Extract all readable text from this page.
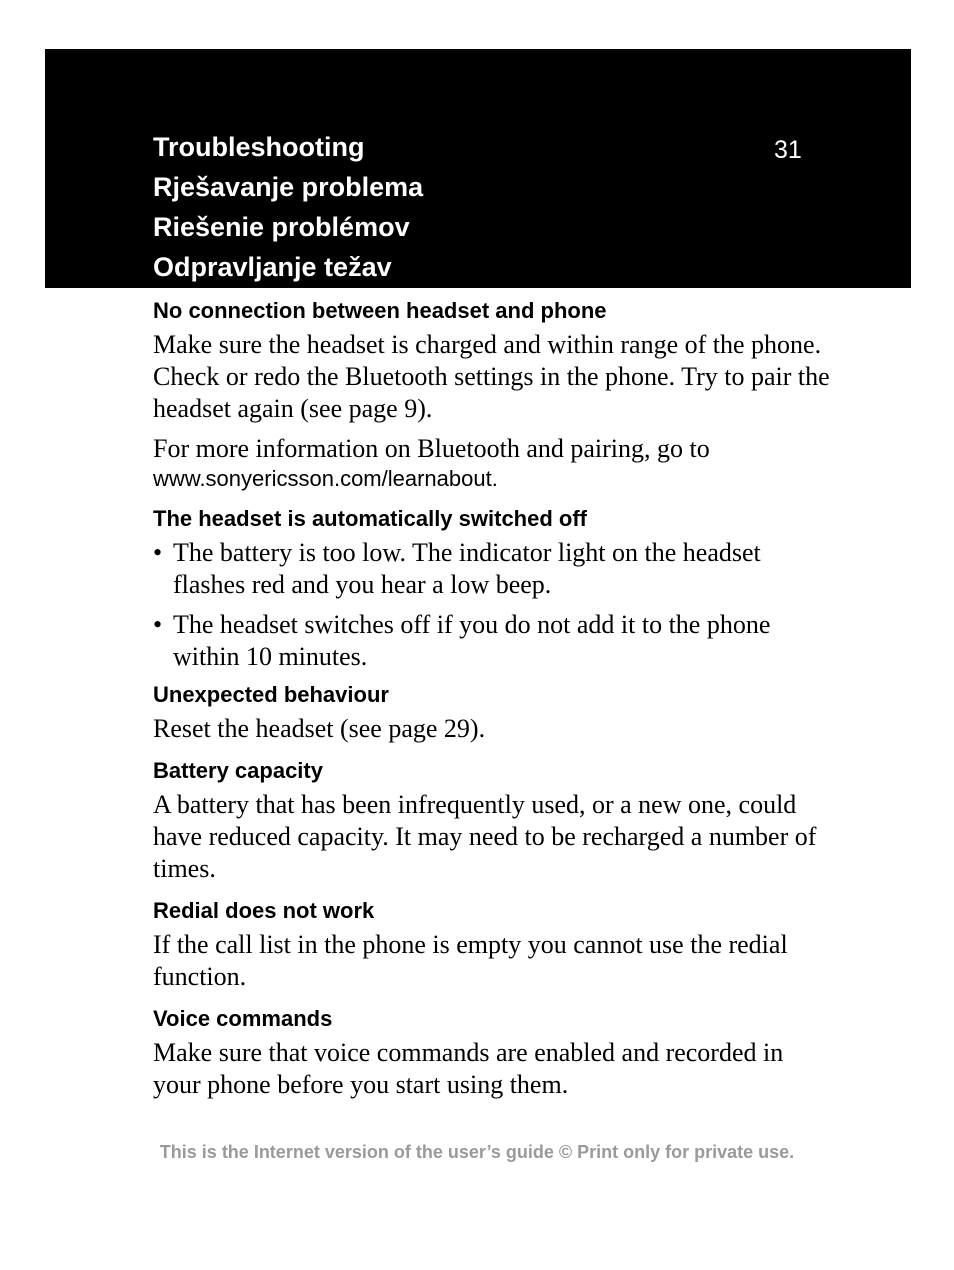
Troubleshooting
Rješavanje problema
Riešenie problémov
Odpravljanje težav
31
No connection between headset and phone
Make sure the headset is charged and within range of the phone. Check or redo the Bluetooth settings in the phone. Try to pair the headset again (see page 9).
For more information on Bluetooth and pairing, go to
www.sonyericsson.com/learnabout.
The headset is automatically switched off
• The battery is too low. The indicator light on the headset flashes red and you hear a low beep.
• The headset switches off if you do not add it to the phone within 10 minutes.
Unexpected behaviour
Reset the headset (see page 29).
Battery capacity
A battery that has been infrequently used, or a new one, could have reduced capacity. It may need to be recharged a number of times.
Redial does not work
If the call list in the phone is empty you cannot use the redial function.
Voice commands
Make sure that voice commands are enabled and recorded in your phone before you start using them.
This is the Internet version of the user’s guide © Print only for private use.
